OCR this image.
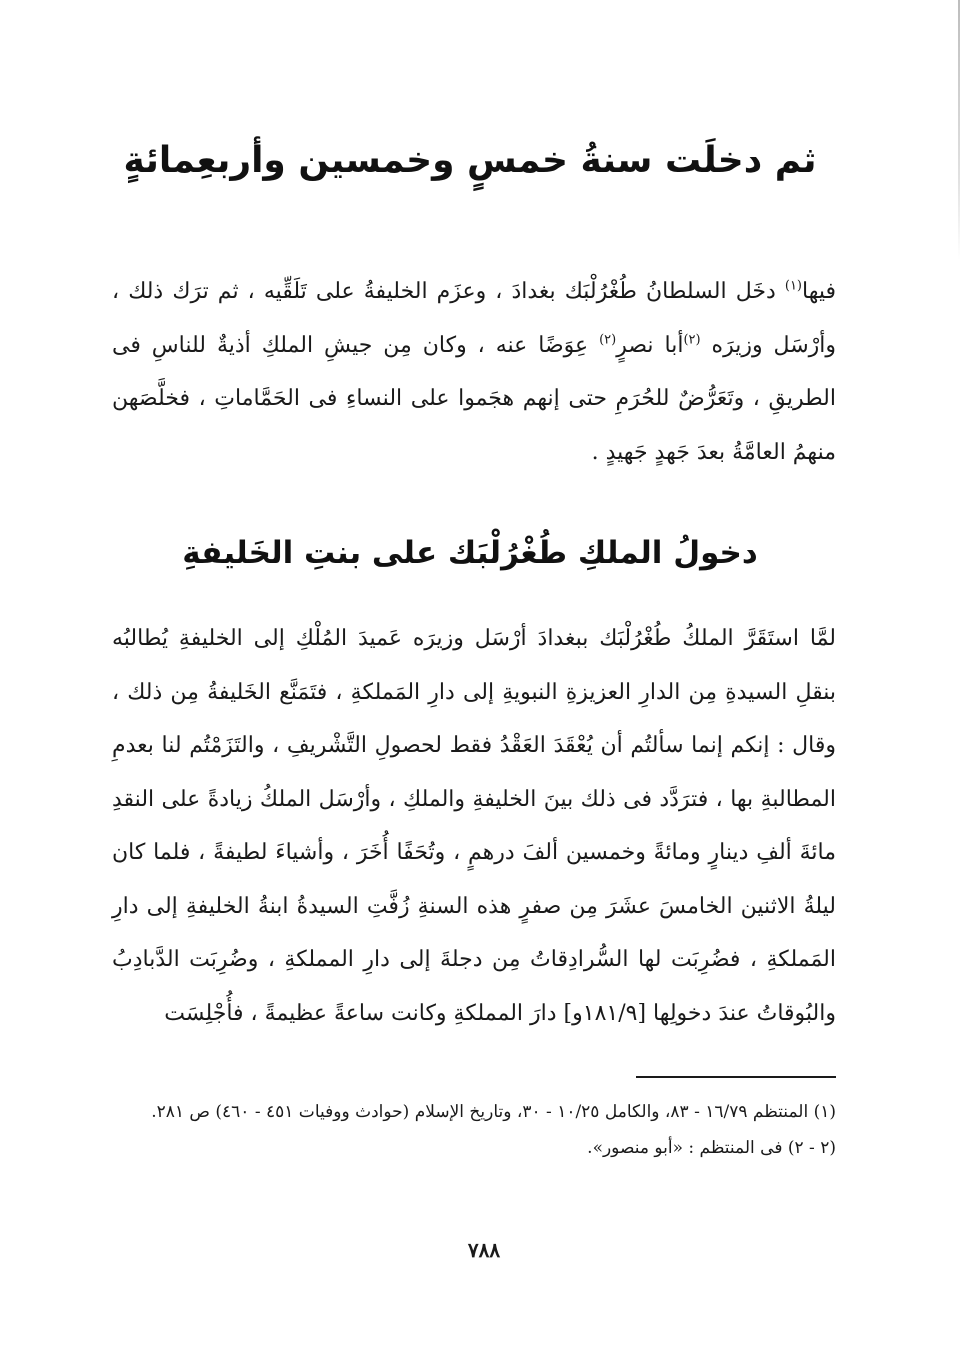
ثم دخلَت سنةُ خمسٍ وخمسين وأربعِمائةٍ

فيها$^{(١)}$ دخَل السلطانُ طُغْرُلْبَك بغدادَ ، وعزَم الخليفةُ على تَلَقِّيه ، ثم ترَك ذلك ، وأرْسَل وزيرَه $^{(٢)}$أبا نصرٍ$^{(٢)}$ عِوَضًا عنه ، وكان مِن جيشِ الملكِ أذيةٌ للناسِ فى الطريقِ ، وتَعَرُّضٌ للحُرَمِ حتى إنهم هجَموا على النساءِ فى الحَمَّاماتِ ، فخلَّصَهن منهمُ العامَّةُ بعدَ جَهدٍ جَهيدٍ .

دخولُ الملكِ طُغْرُلْبَك على بنتِ الخَليفةِ

لمَّا استَقَرَّ الملكُ طُغْرُلْبَك ببغدادَ أرْسَل وزيرَه عَميدَ المُلْكِ إلى الخليفةِ يُطالبُه بنقلِ السيدةِ مِن الدارِ العزيزةِ النبويةِ إلى دارِ المَملكةِ ، فتَمَنَّع الخَليفةُ مِن ذلك ، وقال : إنكم إنما سألتُم أن يُعْقَدَ العَقْدُ فقط لحصولِ التَّشْريفِ ، والتَزَمْتُم لنا بعدمِ المطالبةِ بها ، فترَدَّد فى ذلك بينَ الخليفةِ والملكِ ، وأرْسَل الملكُ زيادةً على النقدِ مائةَ ألفِ دينارٍ ومائةً وخمسين ألفَ درهمٍ ، وتُحَفًا أُخَرَ ، وأشياءَ لطيفةً ، فلما كان ليلةُ الاثنين الخامسَ عشَرَ مِن صفرٍ هذه السنةِ زُفَّتِ السيدةُ ابنةُ الخليفةِ إلى دارِ المَملكةِ ، فضُرِبَت لها السُّرادِقاتُ مِن دجلةَ إلى دارِ المملكةِ ، وضُرِبَت الدَّبادِبُ والبُوقاتُ عندَ دخولِها [١٨١/٩و] دارَ المملكةِ وكانت ساعةً عظيمةً ، فأُجْلِسَت

(١) المنتظم ١٦/٧٩ - ٨٣، والكامل ١٠/٢٥ - ٣٠، وتاريخ الإسلام (حوادث ووفيات ٤٥١ - ٤٦٠) ص ٢٨١.

(٢ - ٢) فى المنتظم : «أبو منصور».

٧٨٨
